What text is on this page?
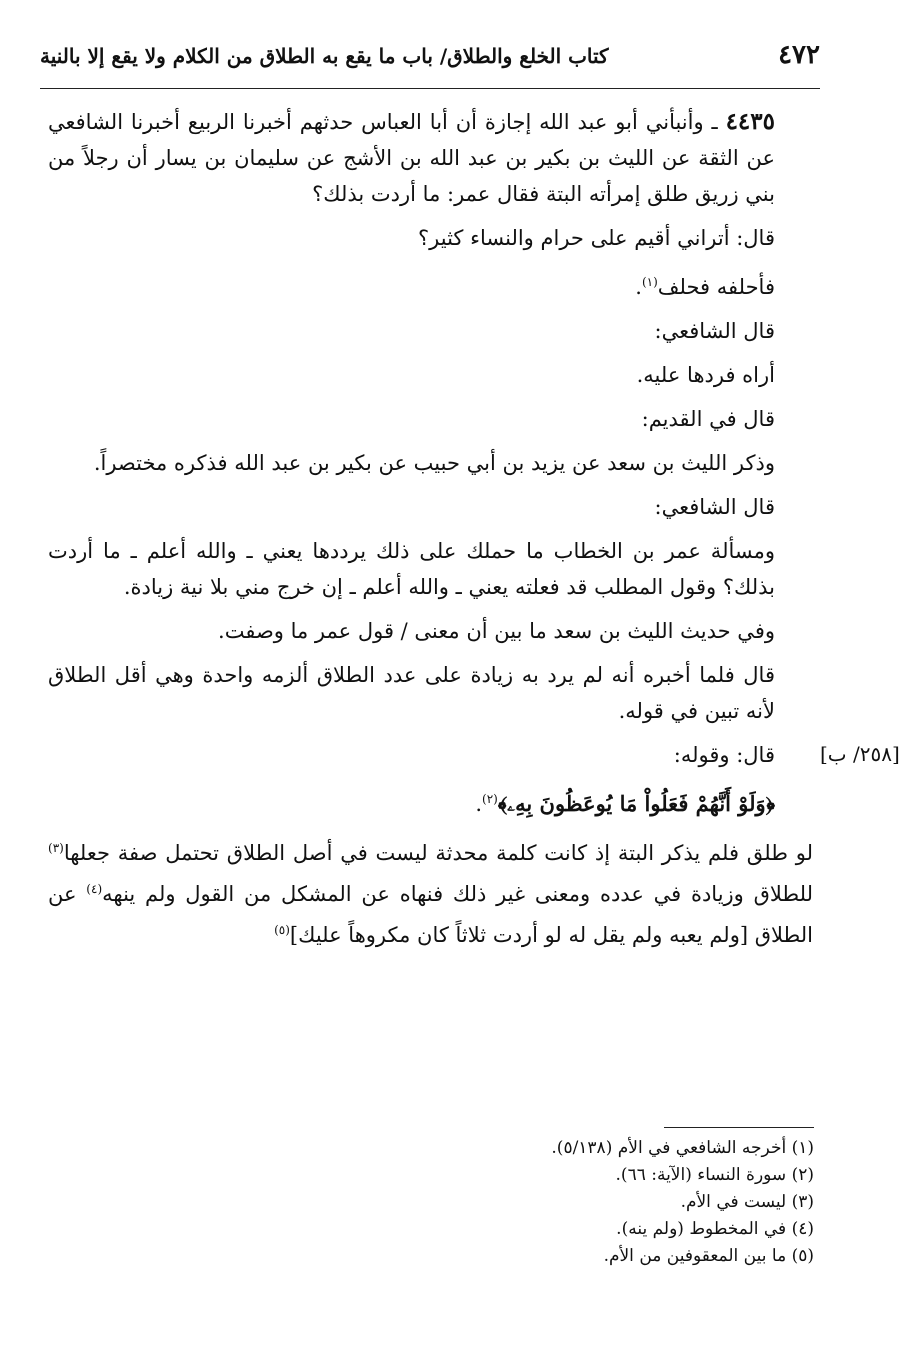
٤٧٢
كتاب الخلع والطلاق/ باب ما يقع به الطلاق من الكلام ولا يقع إلا بالنية
[٢٥٨/ ب]

٤٤٣٥ ـ وأنبأني أبو عبد الله إجازة أن أبا العباس حدثهم أخبرنا الربيع أخبرنا الشافعي عن الثقة عن الليث بن بكير بن عبد الله بن الأشج عن سليمان بن يسار أن رجلاً من بني زريق طلق إمرأته البتة فقال عمر: ما أردت بذلك؟

قال: أتراني أقيم على حرام والنساء كثير؟

فأحلفه فحلف$^{(١)}$.

قال الشافعي:

أراه فردها عليه.

قال في القديم:

وذكر الليث بن سعد عن يزيد بن أبي حبيب عن بكير بن عبد الله فذكره مختصراً.

قال الشافعي:

ومسألة عمر بن الخطاب ما حملك على ذلك يرددها يعني ـ والله أعلم ـ ما أردت بذلك؟ وقول المطلب قد فعلته يعني ـ والله أعلم ـ إن خرج مني بلا نية زيادة.

وفي حديث الليث بن سعد ما بين أن معنى / قول عمر ما وصفت.

قال فلما أخبره أنه لم يرد به زيادة على عدد الطلاق ألزمه واحدة وهي أقل الطلاق لأنه تبين في قوله.

قال: وقوله:

﴿وَلَوْ أَنَّهُمْ فَعَلُواْ مَا يُوعَظُونَ بِهِۦ﴾$^{(٢)}$.

لو طلق فلم يذكر البتة إذ كانت كلمة محدثة ليست في أصل الطلاق تحتمل صفة جعلها$^{(٣)}$ للطلاق وزيادة في عدده ومعنى غير ذلك فنهاه عن المشكل من القول ولم ينهه$^{(٤)}$ عن الطلاق [ولم يعبه ولم يقل له لو أردت ثلاثاً كان مكروهاً عليك]$^{(٥)}$

(١) أخرجه الشافعي في الأم (٥/١٣٨).

(٢) سورة النساء (الآية: ٦٦).

(٣) ليست في الأم.

(٤) في المخطوط (ولم ينه).

(٥) ما بين المعقوفين من الأم.
